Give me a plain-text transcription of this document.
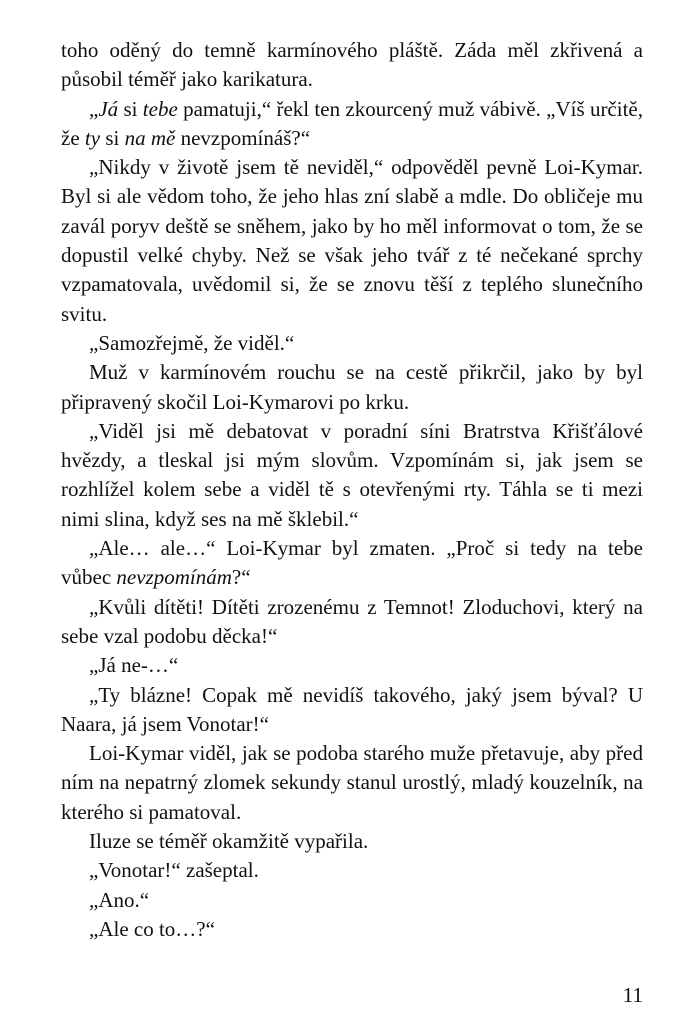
toho oděný do temně karmínového pláště. Záda měl zkřivená a působil téměř jako karikatura.

„Já si tebe pamatuji,“ řekl ten zkourcený muž vábivě. „Víš určitě, že ty si na mě nevzpomínáš?“

„Nikdy v životě jsem tě neviděl,“ odpověděl pevně Loi-Kymar. Byl si ale vědom toho, že jeho hlas zní slabě a mdle. Do obličeje mu zavál poryv deště se sněhem, jako by ho měl informovat o tom, že se dopustil velké chyby. Než se však jeho tvář z té nečekané sprchy vzpamatovala, uvědomil si, že se znovu těší z teplého slunečního svitu.

„Samozřejmě, že viděl.“

Muž v karmínovém rouchu se na cestě přikrčil, jako by byl připravený skočil Loi-Kymarovi po krku.

„Viděl jsi mě debatovat v poradní síni Bratrstva Křišťálové hvězdy, a tleskal jsi mým slovům. Vzpomínám si, jak jsem se rozhlížel kolem sebe a viděl tě s otevřenými rty. Táhla se ti mezi nimi slina, když ses na mě šklebil.“

„Ale… ale…“ Loi-Kymar byl zmaten. „Proč si tedy na tebe vůbec nevzpomínám?“

„Kvůli dítěti! Dítěti zrozenému z Temnot! Zloduchovi, který na sebe vzal podobu děcka!“

„Já ne-…“

„Ty blázne! Copak mě nevidíš takového, jaký jsem býval? U Naara, já jsem Vonotar!“

Loi-Kymar viděl, jak se podoba starého muže přetavuje, aby před ním na nepatrný zlomek sekundy stanul urostlý, mladý kouzelník, na kterého si pamatoval.

Iluze se téměř okamžitě vypařila.

„Vonotar!“ zašeptal.

„Ano.“

„Ale co to…?“

11
